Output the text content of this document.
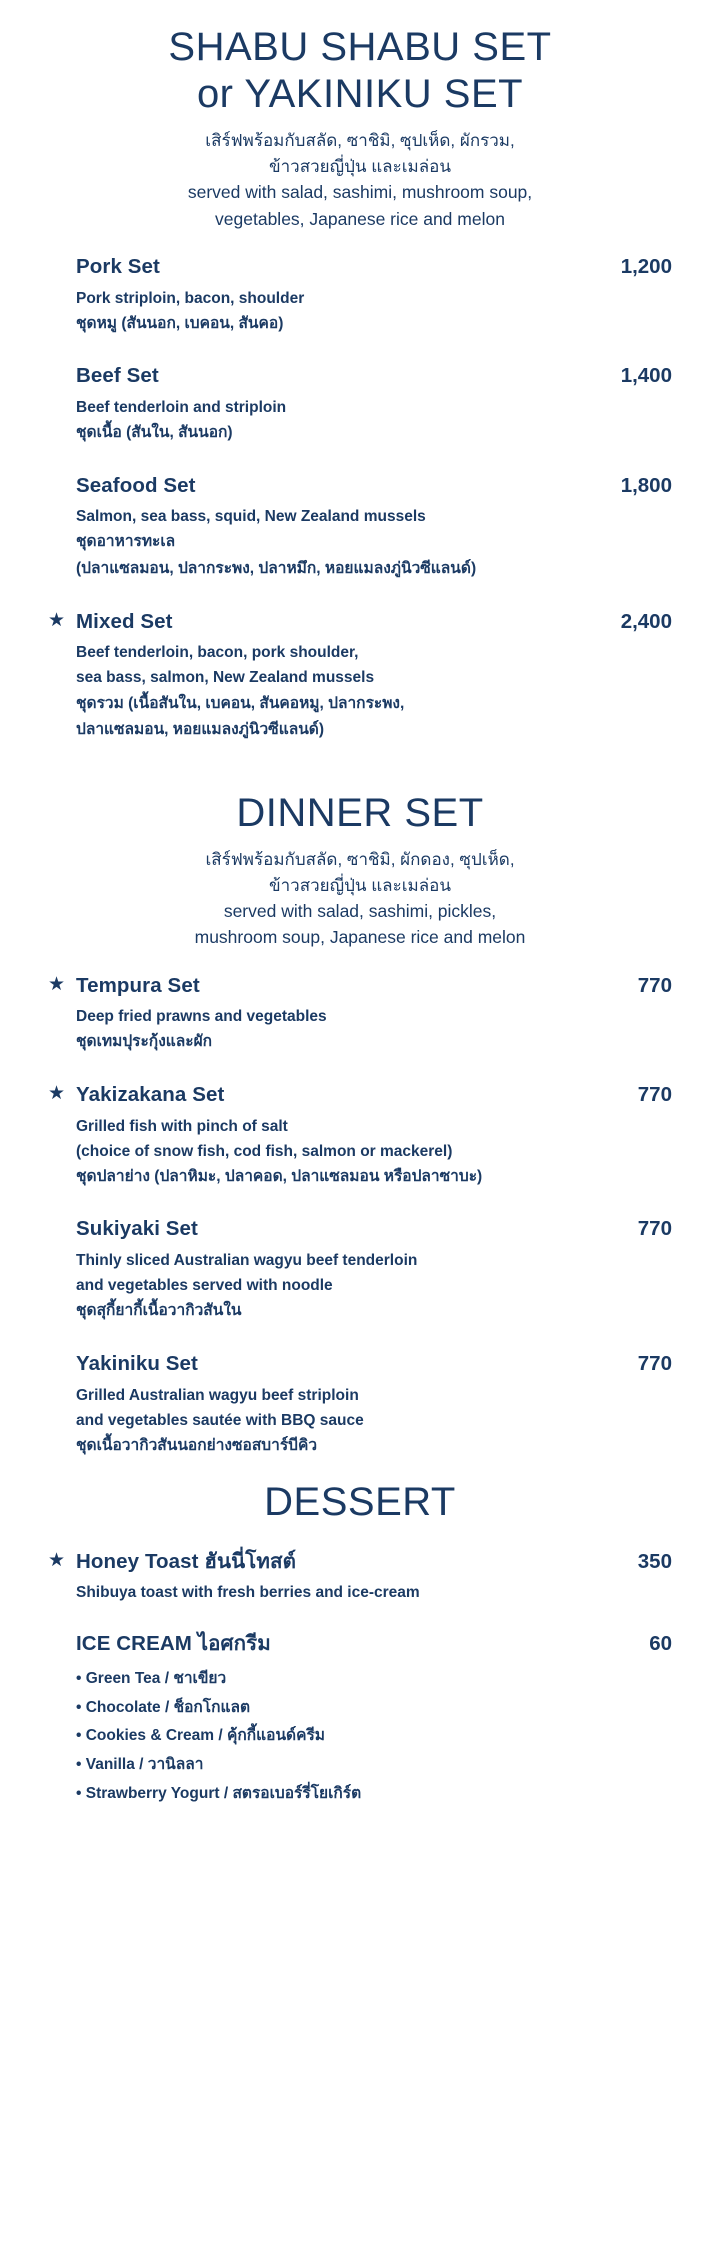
SHABU SHABU SET
or YAKINIKU SET
เสิร์ฟพร้อมกับสลัด, ซาชิมิ, ซุปเห็ด, ผักรวม,
ข้าวสวยญี่ปุ่น และเมล่อน
served with salad, sashimi, mushroom soup,
vegetables, Japanese rice and melon
Pork Set	1,200
Pork striploin, bacon, shoulder
ชุดหมู (สันนอก, เบคอน, สันคอ)
Beef Set	1,400
Beef tenderloin and striploin
ชุดเนื้อ (สันใน, สันนอก)
Seafood Set	1,800
Salmon, sea bass, squid, New Zealand mussels
ชุดอาหารทะเล
(ปลาแซลมอน, ปลากระพง, ปลาหมึก, หอยแมลงภู่นิวซีแลนด์)
★ Mixed Set	2,400
Beef tenderloin, bacon, pork shoulder,
sea bass, salmon, New Zealand mussels
ชุดรวม (เนื้อสันใน, เบคอน, สันคอหมู, ปลากระพง,
ปลาแซลมอน, หอยแมลงภู่นิวซีแลนด์)
DINNER SET
เสิร์ฟพร้อมกับสลัด, ซาชิมิ, ผักดอง, ซุปเห็ด,
ข้าวสวยญี่ปุ่น และเมล่อน
served with salad, sashimi, pickles,
mushroom soup, Japanese rice and melon
★ Tempura Set	770
Deep fried prawns and vegetables
ชุดเทมปุระกุ้งและผัก
★ Yakizakana Set	770
Grilled fish with pinch of salt
(choice of snow fish, cod fish, salmon or mackerel)
ชุดปลาย่าง (ปลาหิมะ, ปลาคอด, ปลาแซลมอน หรือปลาซาบะ)
Sukiyaki Set	770
Thinly sliced Australian wagyu beef tenderloin
and vegetables served with noodle
ชุดสุกี้ยากี้เนื้อวากิวสันใน
Yakiniku Set	770
Grilled Australian wagyu beef striploin
and vegetables sautée with BBQ sauce
ชุดเนื้อวากิวสันนอกย่างซอสบาร์บีคิว
DESSERT
★ Honey Toast ฮันนี่โทสต์	350
Shibuya toast with fresh berries and ice-cream
ICE CREAM ไอศกรีม	60
• Green Tea / ชาเขียว
• Chocolate / ช็อกโกแลต
• Cookies & Cream / คุ้กกี้แอนด์ครีม
• Vanilla / วานิลลา
• Strawberry Yogurt / สตรอเบอร์รี่โยเกิร์ต
